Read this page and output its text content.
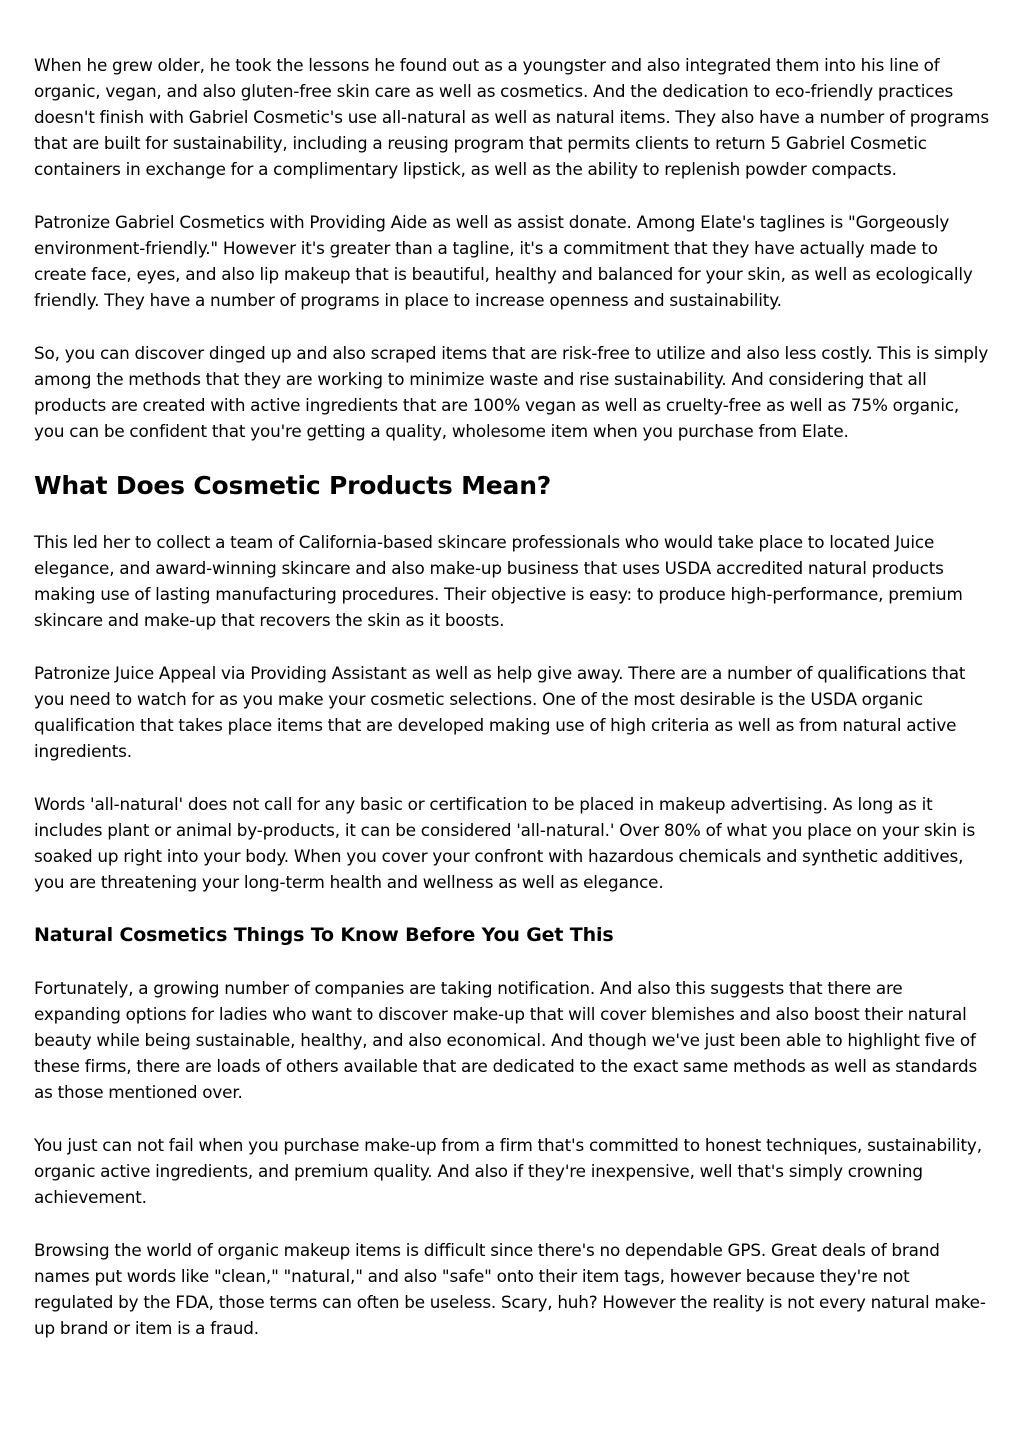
When he grew older, he took the lessons he found out as a youngster and also integrated them into his line of organic, vegan, and also gluten-free skin care as well as cosmetics. And the dedication to eco-friendly practices doesn't finish with Gabriel Cosmetic's use all-natural as well as natural items. They also have a number of programs that are built for sustainability, including a reusing program that permits clients to return 5 Gabriel Cosmetic containers in exchange for a complimentary lipstick, as well as the ability to replenish powder compacts.

Patronize Gabriel Cosmetics with Providing Aide as well as assist donate. Among Elate's taglines is "Gorgeously environment-friendly." However it's greater than a tagline, it's a commitment that they have actually made to create face, eyes, and also lip makeup that is beautiful, healthy and balanced for your skin, as well as ecologically friendly. They have a number of programs in place to increase openness and sustainability.

So, you can discover dinged up and also scraped items that are risk-free to utilize and also less costly. This is simply among the methods that they are working to minimize waste and rise sustainability. And considering that all products are created with active ingredients that are 100% vegan as well as cruelty-free as well as 75% organic, you can be confident that you're getting a quality, wholesome item when you purchase from Elate.

What Does Cosmetic Products Mean?

This led her to collect a team of California-based skincare professionals who would take place to located Juice elegance, and award-winning skincare and also make-up business that uses USDA accredited natural products making use of lasting manufacturing procedures. Their objective is easy: to produce high-performance, premium skincare and make-up that recovers the skin as it boosts.

Patronize Juice Appeal via Providing Assistant as well as help give away. There are a number of qualifications that you need to watch for as you make your cosmetic selections. One of the most desirable is the USDA organic qualification that takes place items that are developed making use of high criteria as well as from natural active ingredients.

Words 'all-natural' does not call for any basic or certification to be placed in makeup advertising. As long as it includes plant or animal by-products, it can be considered 'all-natural.' Over 80% of what you place on your skin is soaked up right into your body. When you cover your confront with hazardous chemicals and synthetic additives, you are threatening your long-term health and wellness as well as elegance.

Natural Cosmetics Things To Know Before You Get This

Fortunately, a growing number of companies are taking notification. And also this suggests that there are expanding options for ladies who want to discover make-up that will cover blemishes and also boost their natural beauty while being sustainable, healthy, and also economical. And though we've just been able to highlight five of these firms, there are loads of others available that are dedicated to the exact same methods as well as standards as those mentioned over.

You just can not fail when you purchase make-up from a firm that's committed to honest techniques, sustainability, organic active ingredients, and premium quality. And also if they're inexpensive, well that's simply crowning achievement.

Browsing the world of organic makeup items is difficult since there's no dependable GPS. Great deals of brand names put words like "clean," "natural," and also "safe" onto their item tags, however because they're not regulated by the FDA, those terms can often be useless. Scary, huh? However the reality is not every natural make-up brand or item is a fraud.
